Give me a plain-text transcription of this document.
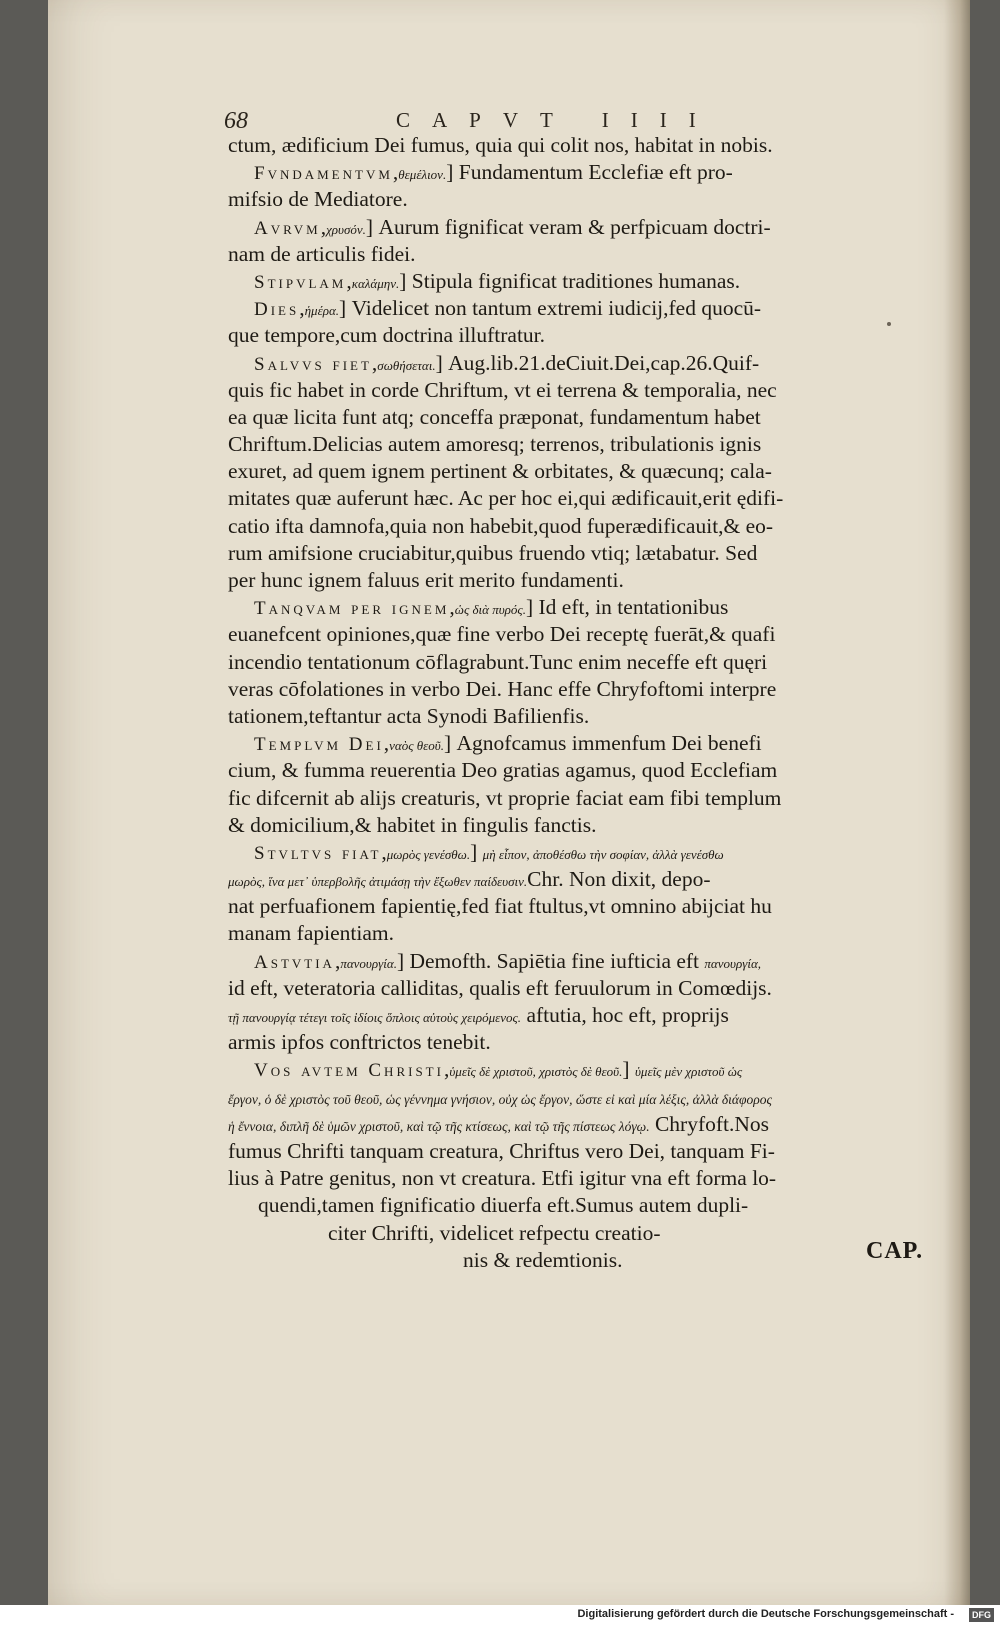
68	CAPVT IIII
ctum, ædificium Dei fumus, quia qui colit nos, habitat in nobis.
Fvndamentvm,θεμέλιον.] Fundamentum Ecclefiæ eft pro-
mifsio de Mediatore.
Avrvm,χρυσόν.] Aurum fignificat veram & perfpicuam doctri-
nam de articulis fidei.
Stipvlam,καλάμην.] Stipula fignificat traditiones humanas.
Dies,ἡμέρα.] Videlicet non tantum extremi iudicij,fed quocū-
que tempore,cum doctrina illuftratur.
Salvvs fiet,σωθήσεται.] Aug.lib.21.deCiuit.Dei,cap.26.Quif-
quis fic habet in corde Chriftum, vt ei terrena & temporalia, nec
ea quæ licita funt atq; conceffa præponat, fundamentum habet
Chriftum.Delicias autem amoresq; terrenos, tribulationis ignis
exuret, ad quem ignem pertinent & orbitates, & quæcunq; cala-
mitates quæ auferunt hæc. Ac per hoc ei,qui ædificauit,erit ędifi-
catio ifta damnofa,quia non habebit,quod fuperædificauit,& eo-
rum amifsione cruciabitur,quibus fruendo vtiq; lætabatur. Sed
per hunc ignem faluus erit merito fundamenti.
Tanqvam per ignem,ὡς διὰ πυρός.] Id eft, in tentationibus
euanefcent opiniones,quæ fine verbo Dei receptę fuerāt,& quafi
incendio tentationum cōflagrabunt.Tunc enim neceffe eft quęri
veras cōfolationes in verbo Dei. Hanc effe Chryfoftomi interpre
tationem,teftantur acta Synodi Bafilienfis.
Templvm Dei,ναὸς θεοῦ.] Agnofcamus immenfum Dei benefi
cium, & fumma reuerentia Deo gratias agamus, quod Ecclefiam
fic difcernit ab alijs creaturis, vt proprie faciat eam fibi templum
& domicilium,& habitet in fingulis fanctis.
Stvltvs fiat,μωρὸς γενέσθω.] μὴ εἶπον, ἀποθέσθω τὴν σοφίαν, ἀλλὰ γενέσθω
μωρὸς, ἵνα μετ᾽ ὑπερβολῆς ἀτιμάσῃ τὴν ἔξωθεν παίδευσιν.Chr. Non dixit, depo-
nat perfuafionem fapientię,fed fiat ftultus,vt omnino abijciat hu
manam fapientiam.
Astvtia,πανουργία.] Demofth. Sapiētia fine iufticia eft πανουργία,
id eft, veteratoria calliditas, qualis eft feruulorum in Comœdijs.
τῇ πανουργίᾳ τέτεγι τοῖς ἰδίοις ὅπλοις αὐτοὺς χειρόμενος. aftutia, hoc eft, proprijs
armis ipfos conftrictos tenebit.
Vos avtem Christi,ὑμεῖς δὲ χριστοῦ, χριστὸς δὲ θεοῦ.] ὑμεῖς μὲν χριστοῦ ὡς
ἔργον, ὁ δὲ χριστὸς τοῦ θεοῦ, ὡς γέννημα γνήσιον, οὐχ ὡς ἔργον, ὥστε εἰ καὶ μία λέξις, ἀλλὰ διάφορος
ἡ ἔννοια, διπλῆ δὲ ὑμῶν χριστοῦ, καὶ τῷ τῆς κτίσεως, καὶ τῷ τῆς πίστεως λόγῳ. Chryfoft.Nos
fumus Chrifti tanquam creatura, Chriftus vero Dei, tanquam Fi-
lius à Patre genitus, non vt creatura. Etfi igitur vna eft forma lo-
quendi,tamen fignificatio diuerfa eft.Sumus autem dupli-
citer Chrifti, videlicet refpectu creatio-
nis & redemtionis.	CAP.
Digitalisierung gefördert durch die Deutsche Forschungsgemeinschaft -	DFG
